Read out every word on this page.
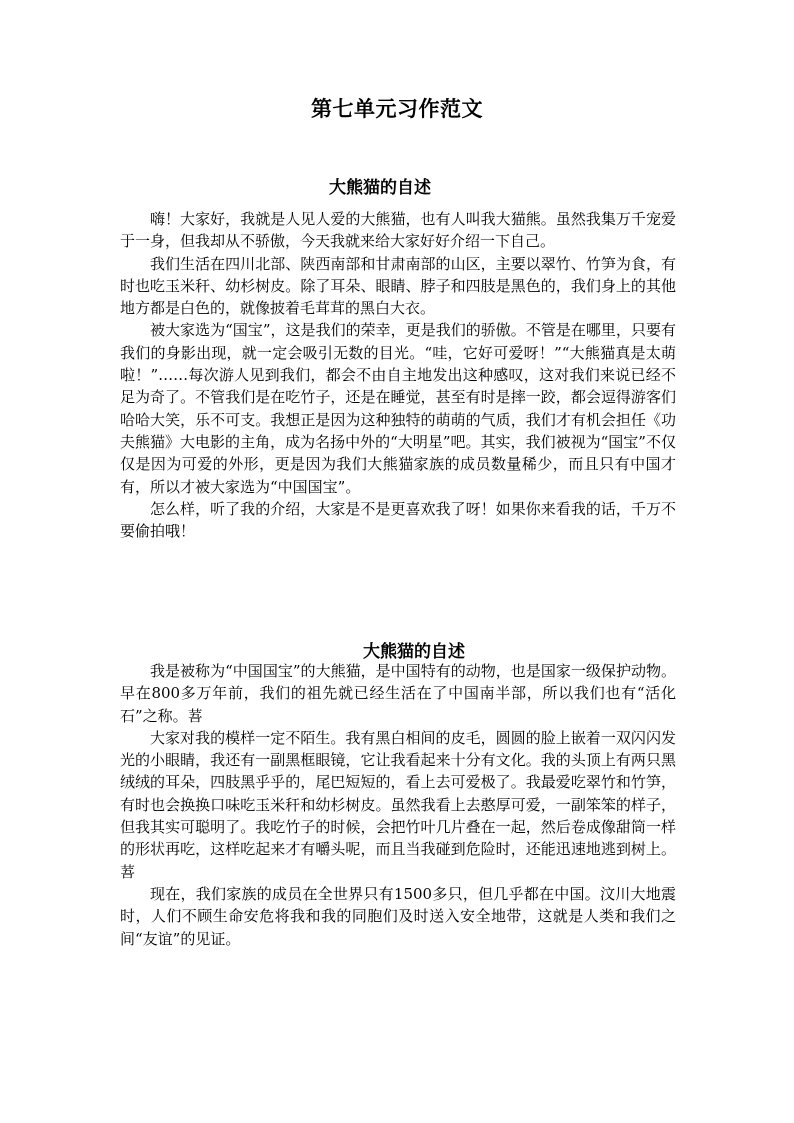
第七单元习作范文
大熊猫的自述

嗨！大家好，我就是人见人爱的大熊猫，也有人叫我大猫熊。虽然我集万千宠爱于一身，但我却从不骄傲，今天我就来给大家好好介绍一下自己。

我们生活在四川北部、陕西南部和甘肃南部的山区，主要以翠竹、竹笋为食，有时也吃玉米秆、幼杉树皮。除了耳朵、眼睛、脖子和四肢是黑色的，我们身上的其他地方都是白色的，就像披着毛茸茸的黑白大衣。

被大家选为“国宝”，这是我们的荣幸，更是我们的骄傲。不管是在哪里，只要有我们的身影出现，就一定会吸引无数的目光。“哇，它好可爱呀！”“大熊猫真是太萌啦！”……每次游人见到我们，都会不由自主地发出这种感叹，这对我们来说已经不足为奇了。不管我们是在吃竹子，还是在睡觉，甚至有时是摔一跤，都会逗得游客们哈哈大笑，乐不可支。我想正是因为这种独特的萌萌的气质，我们才有机会担任《功夫熊猫》大电影的主角，成为名扬中外的“大明星”吧。其实，我们被视为“国宝”不仅仅是因为可爱的外形，更是因为我们大熊猫家族的成员数量稀少，而且只有中国才有，所以才被大家选为“中国国宝”。

怎么样，听了我的介绍，大家是不是更喜欢我了呀！如果你来看我的话，千万不要偷拍哦！

大熊猫的自述

我是被称为“中国国宝”的大熊猫，是中国特有的动物，也是国家一级保护动物。早在800多万年前，我们的祖先就已经生活在了中国南半部，所以我们也有“活化石”之称。䓊

大家对我的模样一定不陌生。我有黑白相间的皮毛，圆圆的脸上嵌着一双闪闪发光的小眼睛，我还有一副黑框眼镜，它让我看起来十分有文化。我的头顶上有两只黑绒绒的耳朵，四肢黑乎乎的，尾巴短短的，看上去可爱极了。我最爱吃翠竹和竹笋，有时也会换换口味吃玉米秆和幼杉树皮。虽然我看上去憨厚可爱，一副笨笨的样子，但我其实可聪明了。我吃竹子的时候，会把竹叶几片叠在一起，然后卷成像甜筒一样的形状再吃，这样吃起来才有嚼头呢，而且当我碰到危险时，还能迅速地逃到树上。䓊

现在，我们家族的成员在全世界只有1500多只，但几乎都在中国。汶川大地震时，人们不顾生命安危将我和我的同胞们及时送入安全地带，这就是人类和我们之间“友谊”的见证。
